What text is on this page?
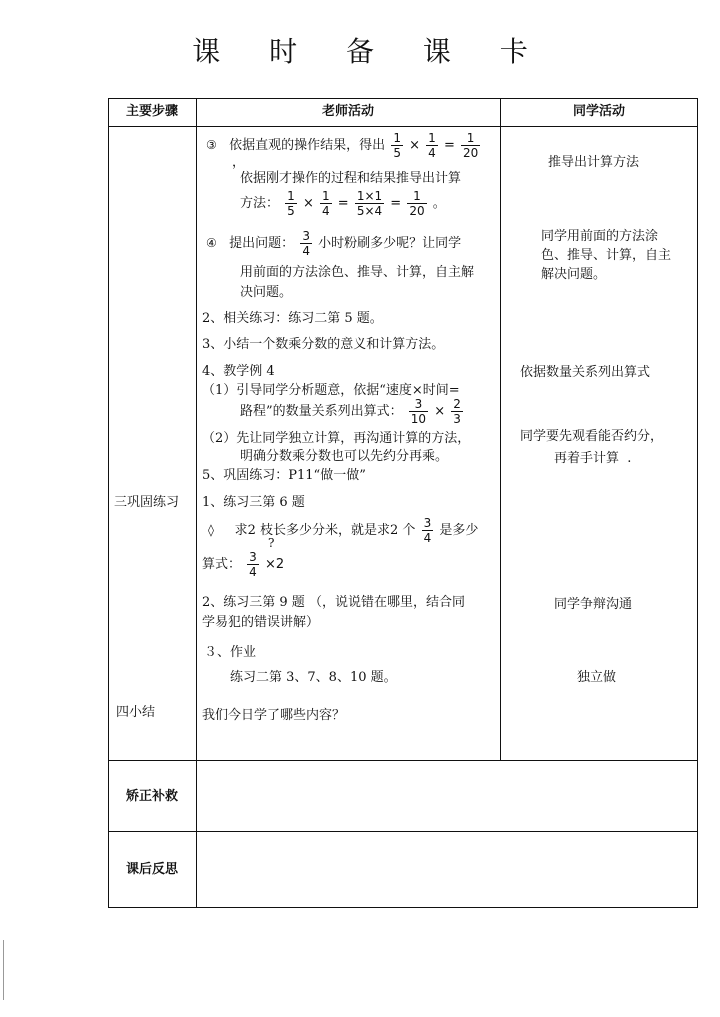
课 时 备 课 卡
主要步骤	老师活动	同学活动
三巩固练习
四小结
矫正补救
课后反思
③ 依据直观的操作结果，得出 $\frac{1}{5} \times \frac{1}{4} = \frac{1}{20}$
，
依据刚才操作的过程和结果推导出计算
方法： $\frac{1}{5} \times \frac{1}{4} = \frac{1\times 1}{5\times 4} = \frac{1}{20}$ 。
④ 提出问题： $\frac{3}{4}$ 小时粉刷多少呢？让同学
用前面的方法涂色、推导、计算，自主解
决问题。
2、相关练习：练习二第 5 题。
3、小结一个数乘分数的意义和计算方法。
4、教学例 4
（1）引导同学分析题意，依据“速度×时间=
路程”的数量关系列出算式： $\frac{3}{10} \times \frac{2}{3}$
（2）先让同学独立计算，再沟通计算的方法，
明确分数乘分数也可以先约分再乘。
5、巩固练习：P11“做一做”
1、练习三第 6 题
◊ 求2 枝长多少分米，就是求2 个 $\frac{3}{4}$ 是多少
?
算式： $\frac{3}{4} \times 2$
2、练习三第 9 题 （，说说错在哪里，结合同
学易犯的错误讲解）
３、作业
练习二第 3、7、8、10 题。
我们今日学了哪些内容？
推导出计算方法
同学用前面的方法涂
色、推导、计算，自主
解决问题。
依据数量关系列出算式
同学要先观看能否约分，
再着手计算 .
同学争辩沟通
独立做
